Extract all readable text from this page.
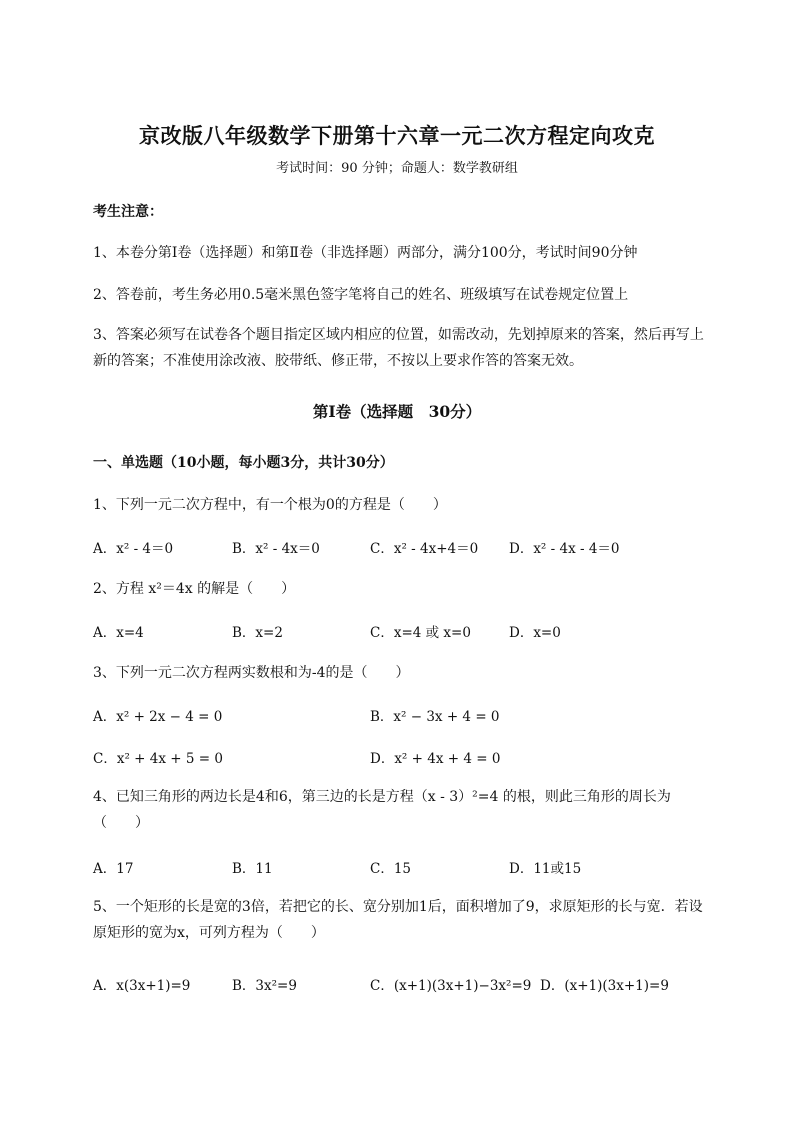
京改版八年级数学下册第十六章一元二次方程定向攻克
考试时间：90 分钟；命题人：数学教研组
考生注意：
1、本卷分第Ⅰ卷（选择题）和第Ⅱ卷（非选择题）两部分，满分100分，考试时间90分钟
2、答卷前，考生务必用0.5毫米黑色签字笔将自己的姓名、班级填写在试卷规定位置上
3、答案必须写在试卷各个题目指定区域内相应的位置，如需改动，先划掉原来的答案，然后再写上新的答案；不准使用涂改液、胶带纸、修正带，不按以上要求作答的答案无效。
第Ⅰ卷（选择题　30分）
一、单选题（10小题，每小题3分，共计30分）
1、下列一元二次方程中，有一个根为0的方程是（　　）
A．x² - 4＝0	B．x² - 4x＝0	C．x² - 4x+4＝0 D．x² - 4x - 4＝0
2、方程 x²＝4x 的解是（　　）
A．x=4	B．x=2	C．x=4 或 x=0	D．x=0
3、下列一元二次方程两实数根和为-4的是（　　）
A．x² + 2x − 4 = 0	B．x² − 3x + 4 = 0
C．x² + 4x + 5 = 0	D．x² + 4x + 4 = 0
4、已知三角形的两边长是4和6，第三边的长是方程（x - 3）²=4 的根，则此三角形的周长为（　　）
A．17	B．11	C．15	D．11或15
5、一个矩形的长是宽的3倍，若把它的长、宽分别加1后，面积增加了9，求原矩形的长与宽．若设原矩形的宽为x，可列方程为（　　）
A．x(3x+1)=9	B．3x²=9	C．(x+1)(3x+1)−3x²=9 D．(x+1)(3x+1)=9
